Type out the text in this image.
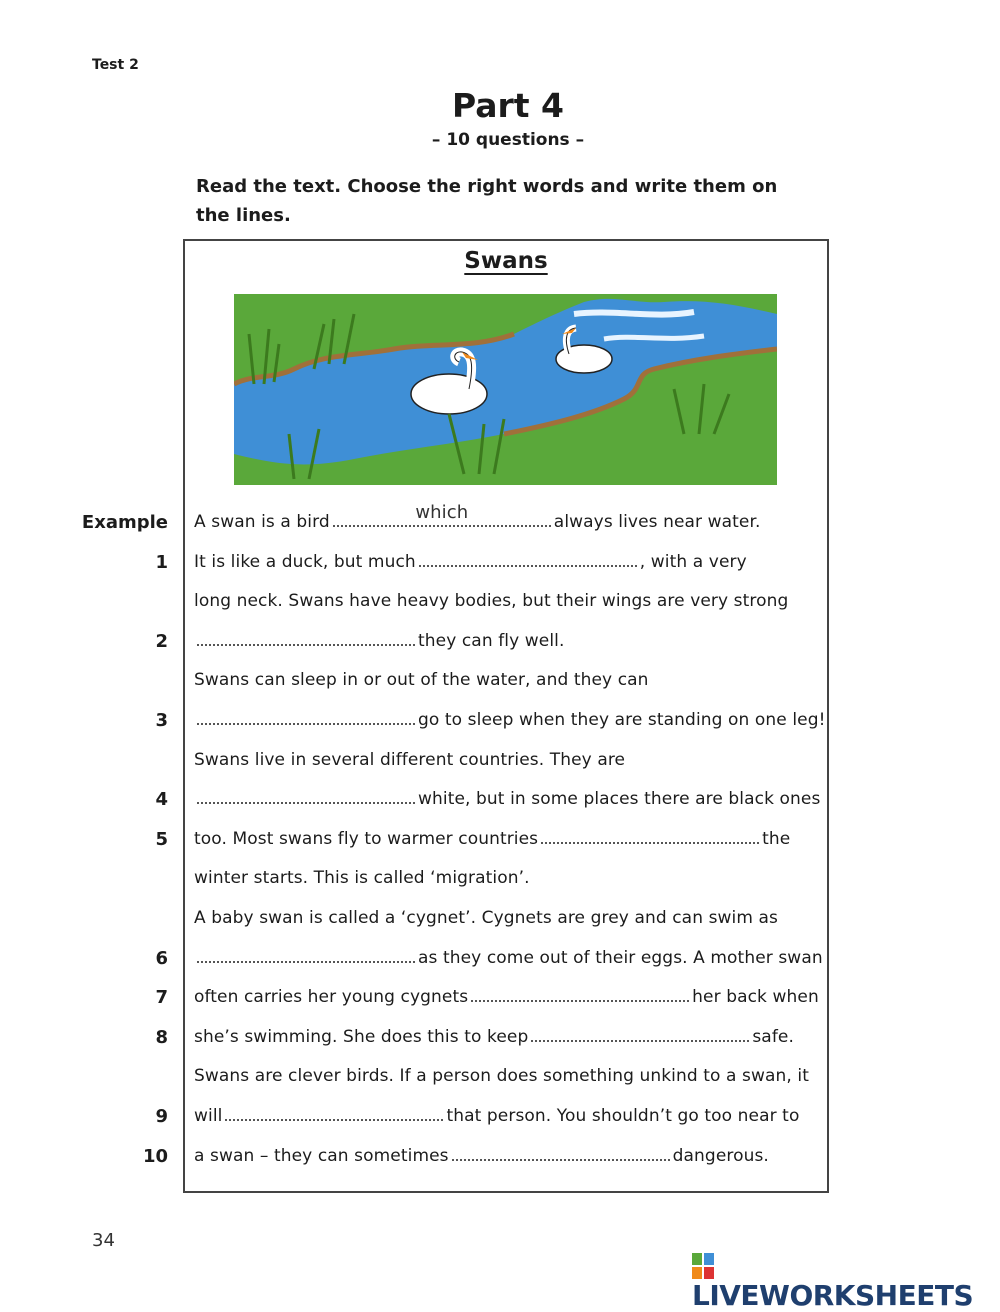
Test 2
Part 4
– 10 questions –
Read the text. Choose the right words and write them on the lines.
Swans
Example A swan is a bird	which	always lives near water.
1 It is like a duck, but much	, with a very
long neck. Swans have heavy bodies, but their wings are very strong
2	they can fly well.
Swans can sleep in or out of the water, and they can
3	go to sleep when they are standing on one leg!
Swans live in several different countries. They are
4	white, but in some places there are black ones
5 too. Most swans fly to warmer countries	the
winter starts. This is called ‘migration’.
A baby swan is called a ‘cygnet’. Cygnets are grey and can swim as
6	as they come out of their eggs. A mother swan
7 often carries her young cygnets	her back when
8 she’s swimming. She does this to keep	safe.
Swans are clever birds. If a person does something unkind to a swan, it
9 will	that person. You shouldn’t go too near to
10 a swan – they can sometimes	dangerous.
34
LIVEWORKSHEETS
